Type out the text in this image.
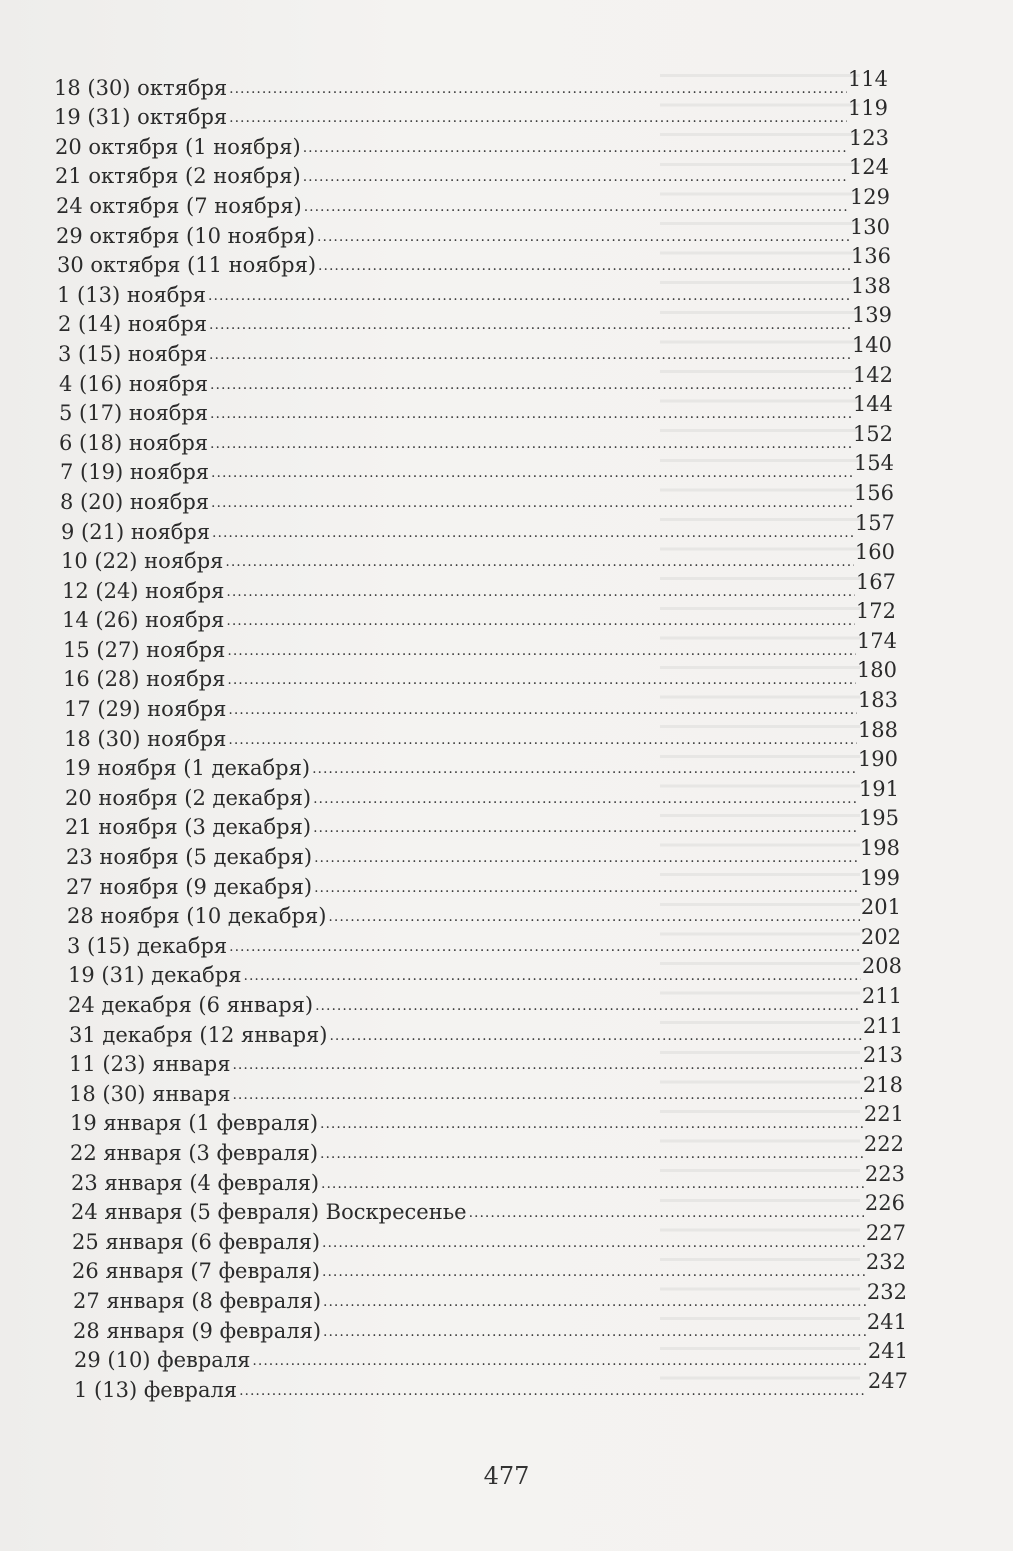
18 (30) октября .....	114
19 (31) октября .....	119
20 октября (1 ноября) .....	123
21 октября (2 ноября) .....	124
24 октября (7 ноября) .....	129
29 октября (10 ноября) .....	130
30 октября (11 ноября) .....	136
1 (13) ноября .....	138
2 (14) ноября .....	139
3 (15) ноября .....	140
4 (16) ноября .....	142
5 (17) ноября .....	144
6 (18) ноября .....	152
7 (19) ноября .....	154
8 (20) ноября .....	156
9 (21) ноября .....	157
10 (22) ноября .....	160
12 (24) ноября .....	167
14 (26) ноября .....	172
15 (27) ноября .....	174
16 (28) ноября .....	180
17 (29) ноября .....	183
18 (30) ноября .....	188
19 ноября (1 декабря) .....	190
20 ноября (2 декабря) .....	191
21 ноября (3 декабря) .....	195
23 ноября (5 декабря) .....	198
27 ноября (9 декабря) .....	199
28 ноября (10 декабря) .....	201
3 (15) декабря .....	202
19 (31) декабря .....	208
24 декабря (6 января) .....	211
31 декабря (12 января) .....	211
11 (23) января .....	213
18 (30) января .....	218
19 января (1 февраля) .....	221
22 января (3 февраля) .....	222
23 января (4 февраля) .....	223
24 января (5 февраля) Воскресенье .....	226
25 января (6 февраля) .....	227
26 января (7 февраля) .....	232
27 января (8 февраля) .....	232
28 января (9 февраля) .....	241
29 (10) февраля .....	241
1 (13) февраля .....	247
477
